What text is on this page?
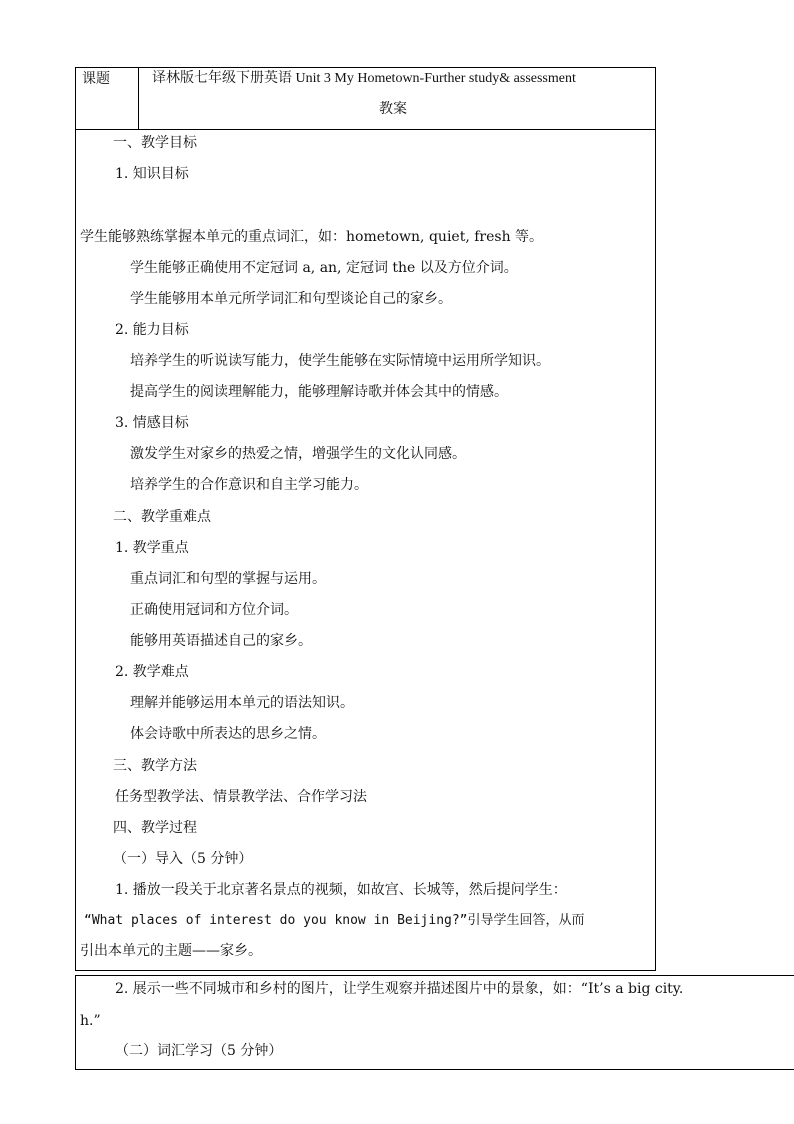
课题	译林版七年级下册英语 Unit 3 My Hometown-Further study& assessment
教案
一、教学目标
1. 知识目标
学生能够熟练掌握本单元的重点词汇，如：hometown, quiet, fresh 等。
学生能够正确使用不定冠词 a, an, 定冠词 the 以及方位介词。
学生能够用本单元所学词汇和句型谈论自己的家乡。
2. 能力目标
培养学生的听说读写能力，使学生能够在实际情境中运用所学知识。
提高学生的阅读理解能力，能够理解诗歌并体会其中的情感。
3. 情感目标
激发学生对家乡的热爱之情，增强学生的文化认同感。
培养学生的合作意识和自主学习能力。
二、教学重难点
1. 教学重点
重点词汇和句型的掌握与运用。
正确使用冠词和方位介词。
能够用英语描述自己的家乡。
2. 教学难点
理解并能够运用本单元的语法知识。
体会诗歌中所表达的思乡之情。
三、教学方法
任务型教学法、情景教学法、合作学习法
四、教学过程
（一）导入（5 分钟）
1. 播放一段关于北京著名景点的视频，如故宫、长城等，然后提问学生：
“What places of interest do you know in Beijing?”引导学生回答，从而
引出本单元的主题——家乡。
2. 展示一些不同城市和乡村的图片，让学生观察并描述图片中的景象，如：“It’s a big city.
h.”
（二）词汇学习（5 分钟）
